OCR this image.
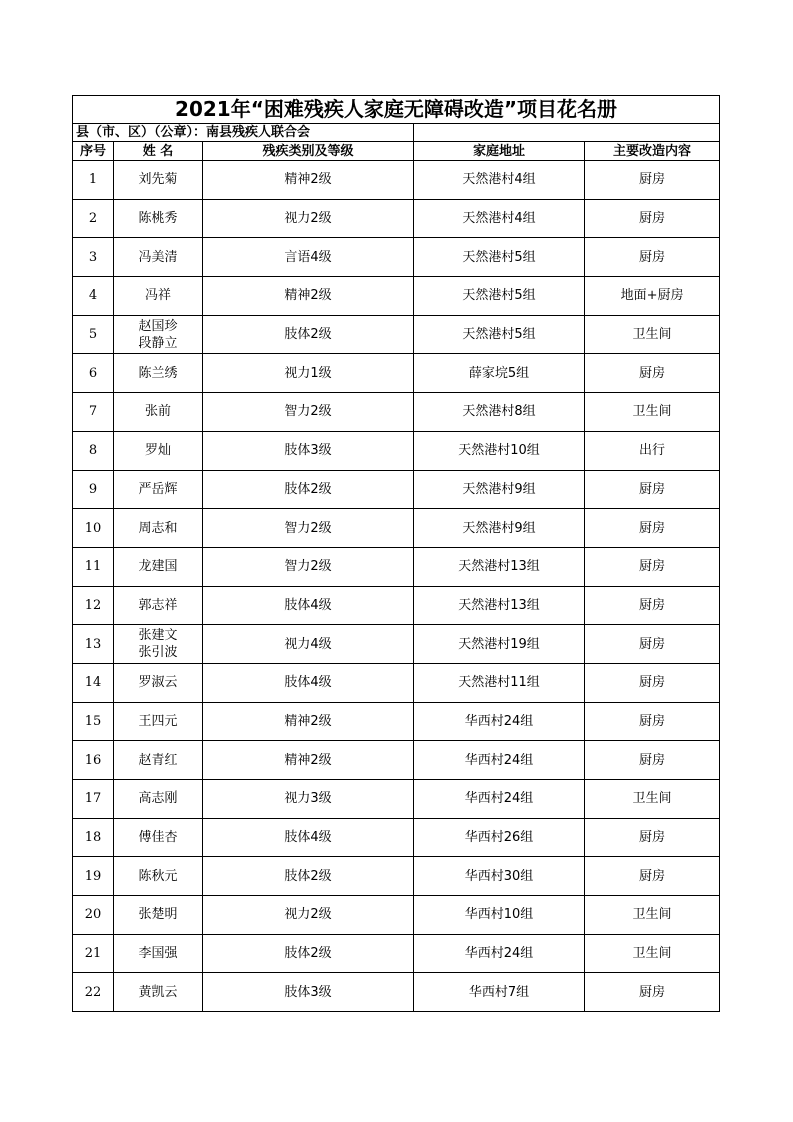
2021年“困难残疾人家庭无障碍改造”项目花名册				
县（市、区）（公章）：南县残疾人联合会				
序号	姓 名	残疾类别及等级	家庭地址	主要改造内容
1	刘先菊	精神2级	天然港村4组	厨房
2	陈桃秀	视力2级	天然港村4组	厨房
3	冯美清	言语4级	天然港村5组	厨房
4	冯祥	精神2级	天然港村5组	地面+厨房
5	赵国珍
段静立	肢体2级	天然港村5组	卫生间
6	陈兰绣	视力1级	薛家垸5组	厨房
7	张前	智力2级	天然港村8组	卫生间
8	罗灿	肢体3级	天然港村10组	出行
9	严岳辉	肢体2级	天然港村9组	厨房
10	周志和	智力2级	天然港村9组	厨房
11	龙建国	智力2级	天然港村13组	厨房
12	郭志祥	肢体4级	天然港村13组	厨房
13	张建文
张引波	视力4级	天然港村19组	厨房
14	罗淑云	肢体4级	天然港村11组	厨房
15	王四元	精神2级	华西村24组	厨房
16	赵青红	精神2级	华西村24组	厨房
17	高志刚	视力3级	华西村24组	卫生间
18	傅佳杏	肢体4级	华西村26组	厨房
19	陈秋元	肢体2级	华西村30组	厨房
20	张楚明	视力2级	华西村10组	卫生间
21	李国强	肢体2级	华西村24组	卫生间
22	黄凯云	肢体3级	华西村7组	厨房
